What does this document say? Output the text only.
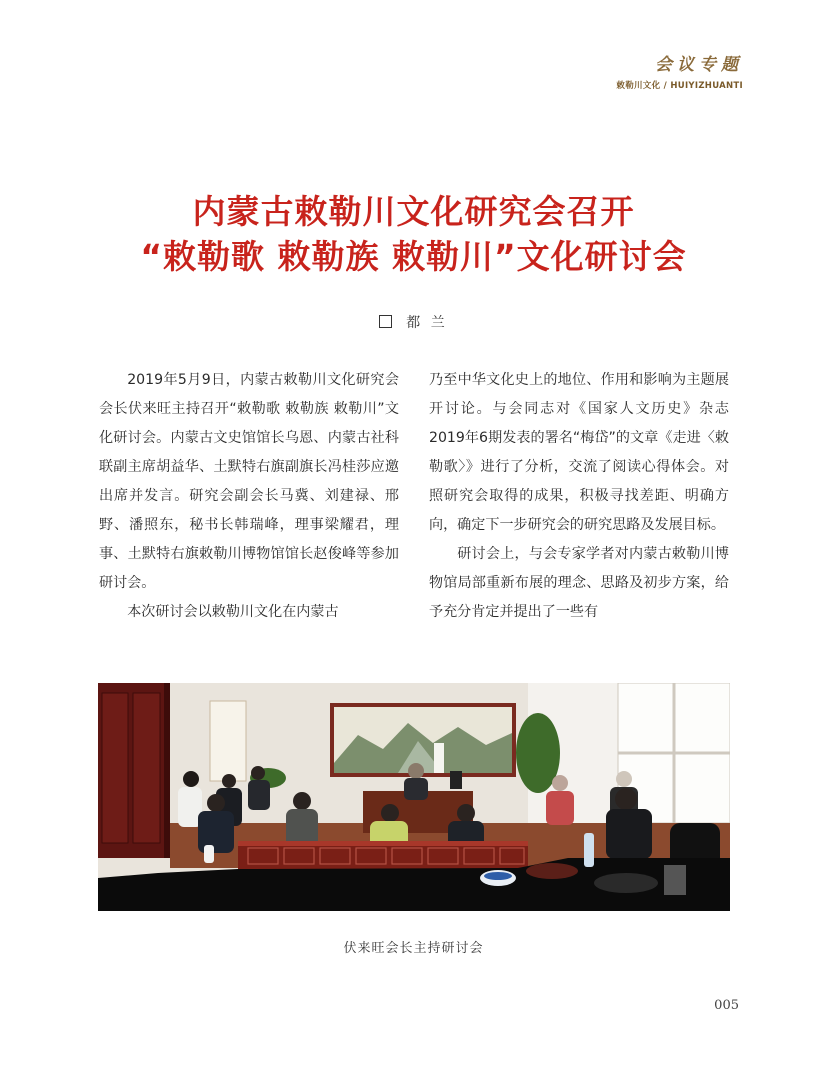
会议专题
敕勒川文化 / HUIYIZHUANTI
内蒙古敕勒川文化研究会召开
“敕勒歌 敕勒族 敕勒川”文化研讨会
都 兰

2019年5月9日，内蒙古敕勒川文化研究会会长伏来旺主持召开“敕勒歌 敕勒族 敕勒川”文化研讨会。内蒙古文史馆馆长乌恩、内蒙古社科联副主席胡益华、土默特右旗副旗长冯桂莎应邀出席并发言。研究会副会长马冀、刘建禄、邢野、潘照东，秘书长韩瑞峰，理事梁耀君，理事、土默特右旗敕勒川博物馆馆长赵俊峰等参加研讨会。

本次研讨会以敕勒川文化在内蒙古

乃至中华文化史上的地位、作用和影响为主题展开讨论。与会同志对《国家人文历史》杂志2019年6期发表的署名“梅岱”的文章《走进〈敕勒歌〉》进行了分析，交流了阅读心得体会。对照研究会取得的成果，积极寻找差距、明确方向，确定下一步研究会的研究思路及发展目标。

研讨会上，与会专家学者对内蒙古敕勒川博物馆局部重新布展的理念、思路及初步方案，给予充分肯定并提出了一些有

伏来旺会长主持研讨会
005
